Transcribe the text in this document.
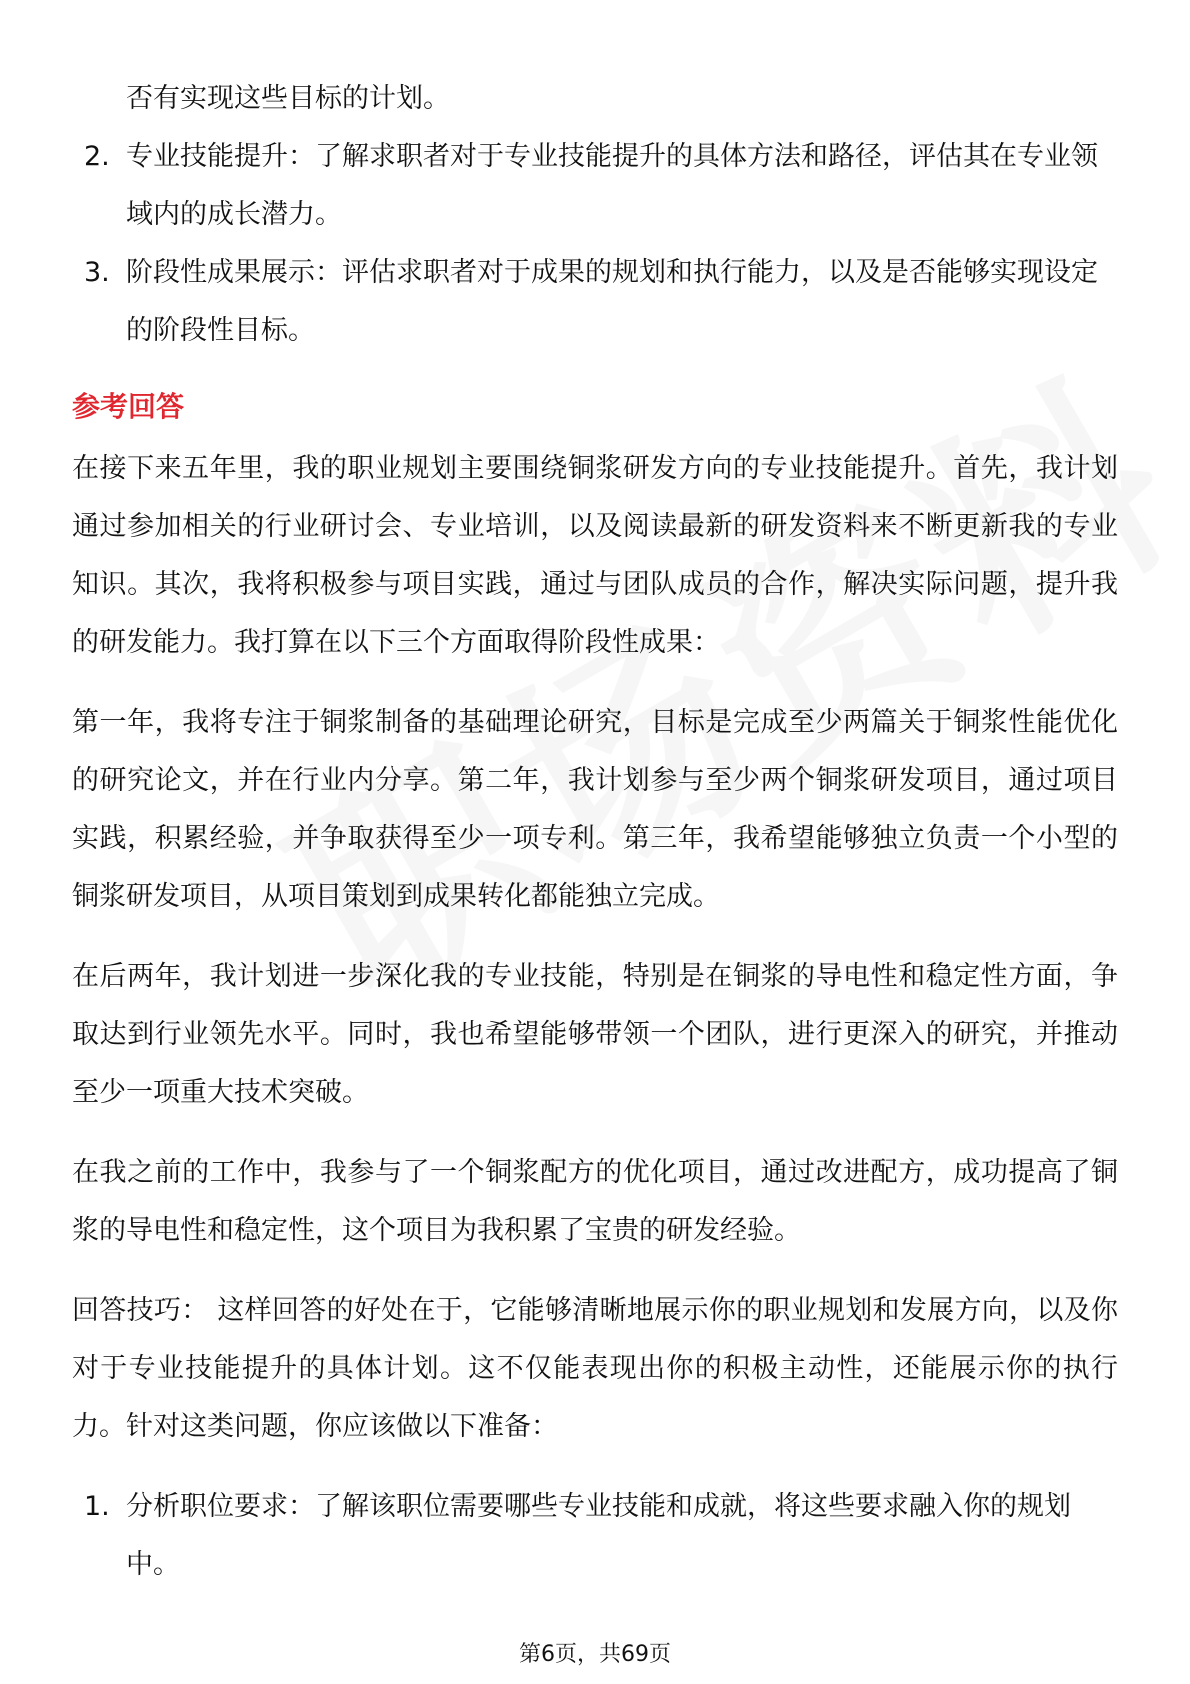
否有实现这些目标的计划。

2. 专业技能提升：了解求职者对于专业技能提升的具体方法和路径，评估其在专业领域内的成长潜力。
3. 阶段性成果展示：评估求职者对于成果的规划和执行能力，以及是否能够实现设定的阶段性目标。
参考回答

在接下来五年里，我的职业规划主要围绕铜浆研发方向的专业技能提升。首先，我计划通过参加相关的行业研讨会、专业培训，以及阅读最新的研发资料来不断更新我的专业知识。其次，我将积极参与项目实践，通过与团队成员的合作，解决实际问题，提升我的研发能力。我打算在以下三个方面取得阶段性成果：

第一年，我将专注于铜浆制备的基础理论研究，目标是完成至少两篇关于铜浆性能优化的研究论文，并在行业内分享。第二年，我计划参与至少两个铜浆研发项目，通过项目实践，积累经验，并争取获得至少一项专利。第三年，我希望能够独立负责一个小型的铜浆研发项目，从项目策划到成果转化都能独立完成。

在后两年，我计划进一步深化我的专业技能，特别是在铜浆的导电性和稳定性方面，争取达到行业领先水平。同时，我也希望能够带领一个团队，进行更深入的研究，并推动至少一项重大技术突破。

在我之前的工作中，我参与了一个铜浆配方的优化项目，通过改进配方，成功提高了铜浆的导电性和稳定性，这个项目为我积累了宝贵的研发经验。

回答技巧： 这样回答的好处在于，它能够清晰地展示你的职业规划和发展方向，以及你对于专业技能提升的具体计划。这不仅能表现出你的积极主动性，还能展示你的执行力。针对这类问题，你应该做以下准备：

1. 分析职位要求：了解该职位需要哪些专业技能和成就，将这些要求融入你的规划中。
第6页，共69页
